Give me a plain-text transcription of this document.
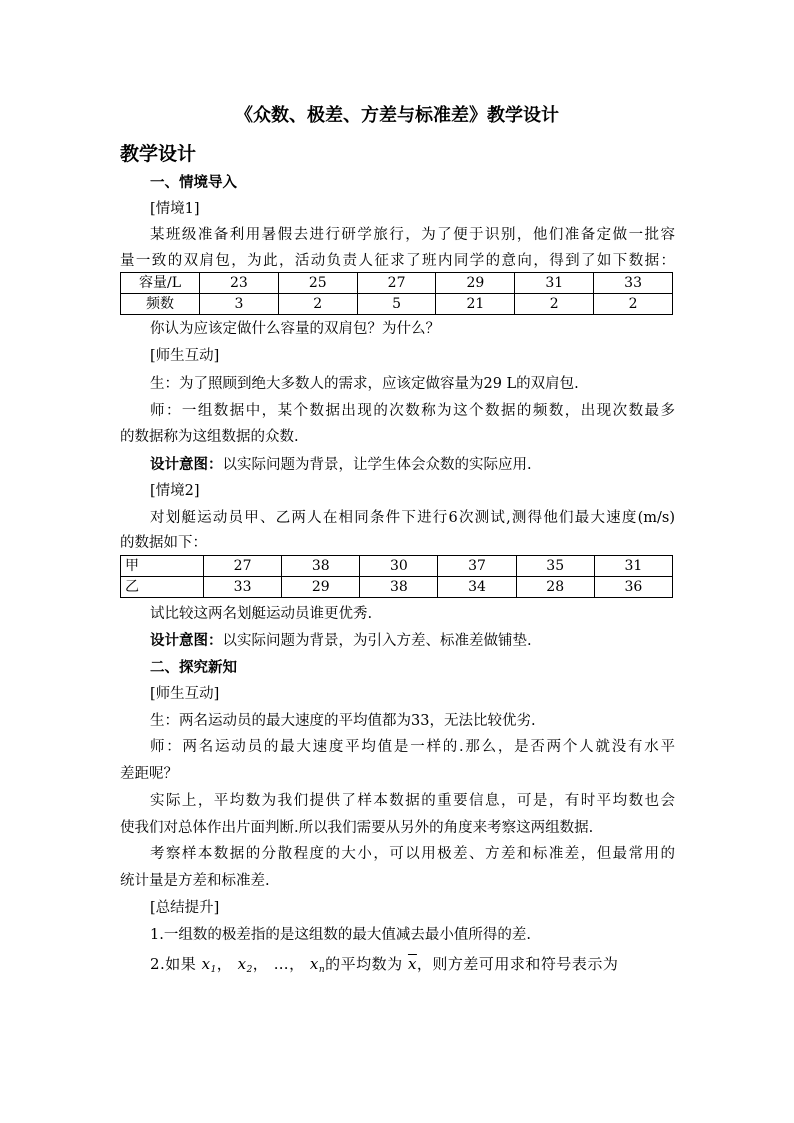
《众数、极差、方差与标准差》教学设计
教学设计
一、情境导入
[情境1]
某班级准备利用暑假去进行研学旅行，为了便于识别，他们准备定做一批容
量一致的双肩包，为此，活动负责人征求了班内同学的意向，得到了如下数据：
容量/L	23	25	27	29	31	33
频数	3	2	5	21	2	2
你认为应该定做什么容量的双肩包？为什么？
[师生互动]
生：为了照顾到绝大多数人的需求，应该定做容量为29 L的双肩包.
师：一组数据中，某个数据出现的次数称为这个数据的频数，出现次数最多
的数据称为这组数据的众数.
设计意图：以实际问题为背景，让学生体会众数的实际应用.
[情境2]
对划艇运动员甲、乙两人在相同条件下进行6次测试,测得他们最大速度(m/s)
的数据如下：
甲	27	38	30	37	35	31
乙	33	29	38	34	28	36
试比较这两名划艇运动员谁更优秀.
设计意图：以实际问题为背景，为引入方差、标准差做铺垫.
二、探究新知
[师生互动]
生：两名运动员的最大速度的平均值都为33，无法比较优劣.
师：两名运动员的最大速度平均值是一样的.那么，是否两个人就没有水平
差距呢？
实际上，平均数为我们提供了样本数据的重要信息，可是，有时平均数也会
使我们对总体作出片面判断.所以我们需要从另外的角度来考察这两组数据.
考察样本数据的分散程度的大小，可以用极差、方差和标准差，但最常用的
统计量是方差和标准差.
[总结提升]
1.一组数的极差指的是这组数的最大值减去最小值所得的差.
2.如果 $x_1$， $x_2$， …， $x_n$的平均数为 $\overline{x}$，则方差可用求和符号表示为
